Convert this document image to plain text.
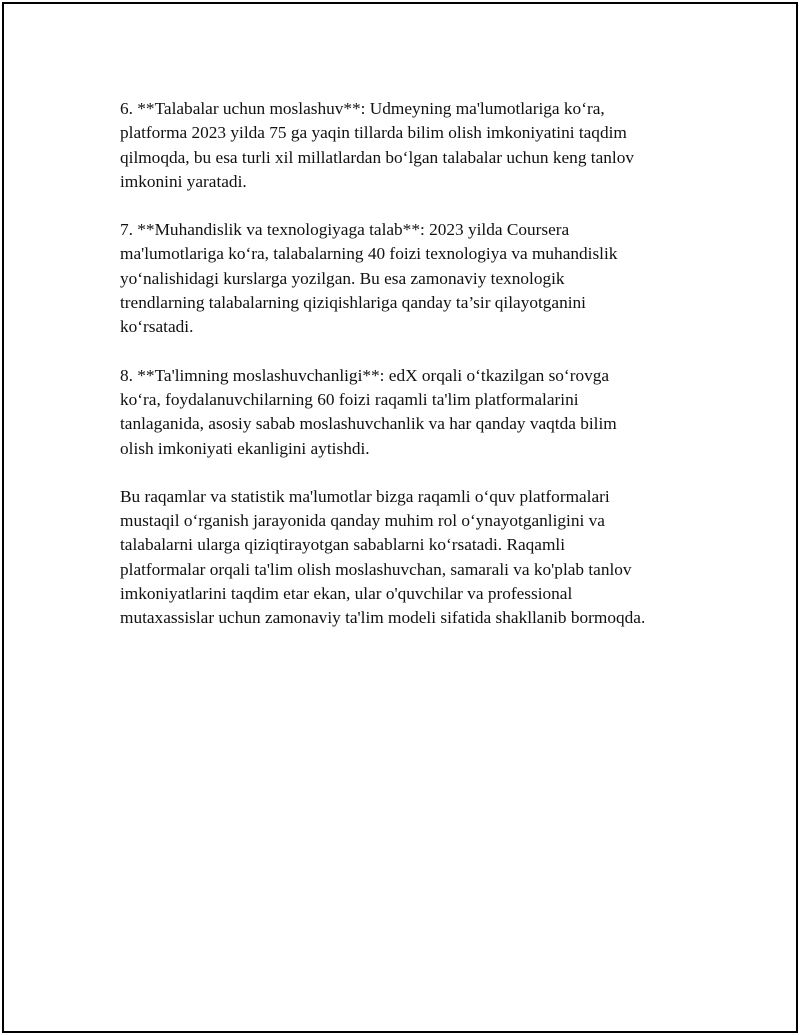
6. **Talabalar uchun moslashuv**: Udmeyning ma'lumotlariga ko‘ra,
platforma 2023 yilda 75 ga yaqin tillarda bilim olish imkoniyatini taqdim
qilmoqda, bu esa turli xil millatlardan bo‘lgan talabalar uchun keng tanlov
imkonini yaratadi.

7. **Muhandislik va texnologiyaga talab**: 2023 yilda Coursera
ma'lumotlariga ko‘ra, talabalarning 40 foizi texnologiya va muhandislik
yo‘nalishidagi kurslarga yozilgan. Bu esa zamonaviy texnologik
trendlarning talabalarning qiziqishlariga qanday ta’sir qilayotganini
ko‘rsatadi.

8. **Ta'limning moslashuvchanligi**: edX orqali o‘tkazilgan so‘rovga
ko‘ra, foydalanuvchilarning 60 foizi raqamli ta'lim platformalarini
tanlaganida, asosiy sabab moslashuvchanlik va har qanday vaqtda bilim
olish imkoniyati ekanligini aytishdi.

Bu raqamlar va statistik ma'lumotlar bizga raqamli o‘quv platformalari
mustaqil o‘rganish jarayonida qanday muhim rol o‘ynayotganligini va
talabalarni ularga qiziqtirayotgan sabablarni ko‘rsatadi. Raqamli
platformalar orqali ta'lim olish moslashuvchan, samarali va ko'plab tanlov
imkoniyatlarini taqdim etar ekan, ular o'quvchilar va professional
mutaxassislar uchun zamonaviy ta'lim modeli sifatida shakllanib bormoqda.
